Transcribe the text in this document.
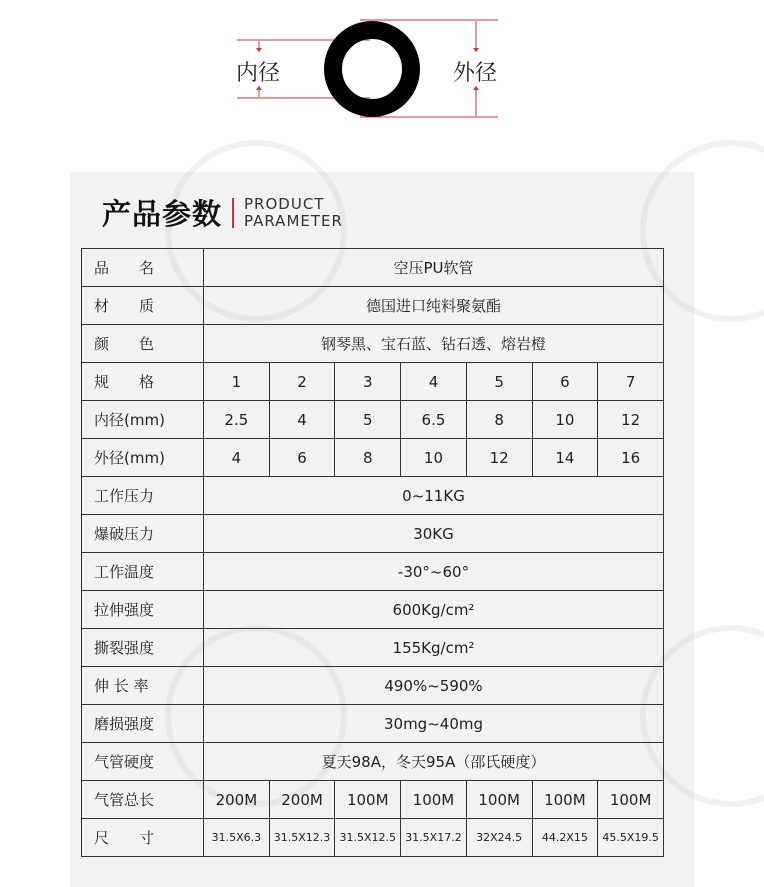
内径	外径
产品参数 PRODUCT
PARAMETER
品　　名	空压PU软管						
材　　质	德国进口纯料聚氨酯						
颜　　色	钢琴黑、宝石蓝、钻石透、熔岩橙						
规　　格	1	2	3	4	5	6	7
内径(mm)	2.5	4	5	6.5	8	10	12
外径(mm)	4	6	8	10	12	14	16
工作压力	0~11KG						
爆破压力	30KG						
工作温度	-30°~60°						
拉伸强度	600Kg/cm²						
撕裂强度	155Kg/cm²						
伸 长 率	490%~590%						
磨损强度	30mg~40mg						
气管硬度	夏天98A，冬天95A（邵氏硬度）						
气管总长	200M	200M	100M	100M	100M	100M	100M
尺　　寸	31.5X6.3	31.5X12.3	31.5X12.5	31.5X17.2	32X24.5	44.2X15	45.5X19.5
